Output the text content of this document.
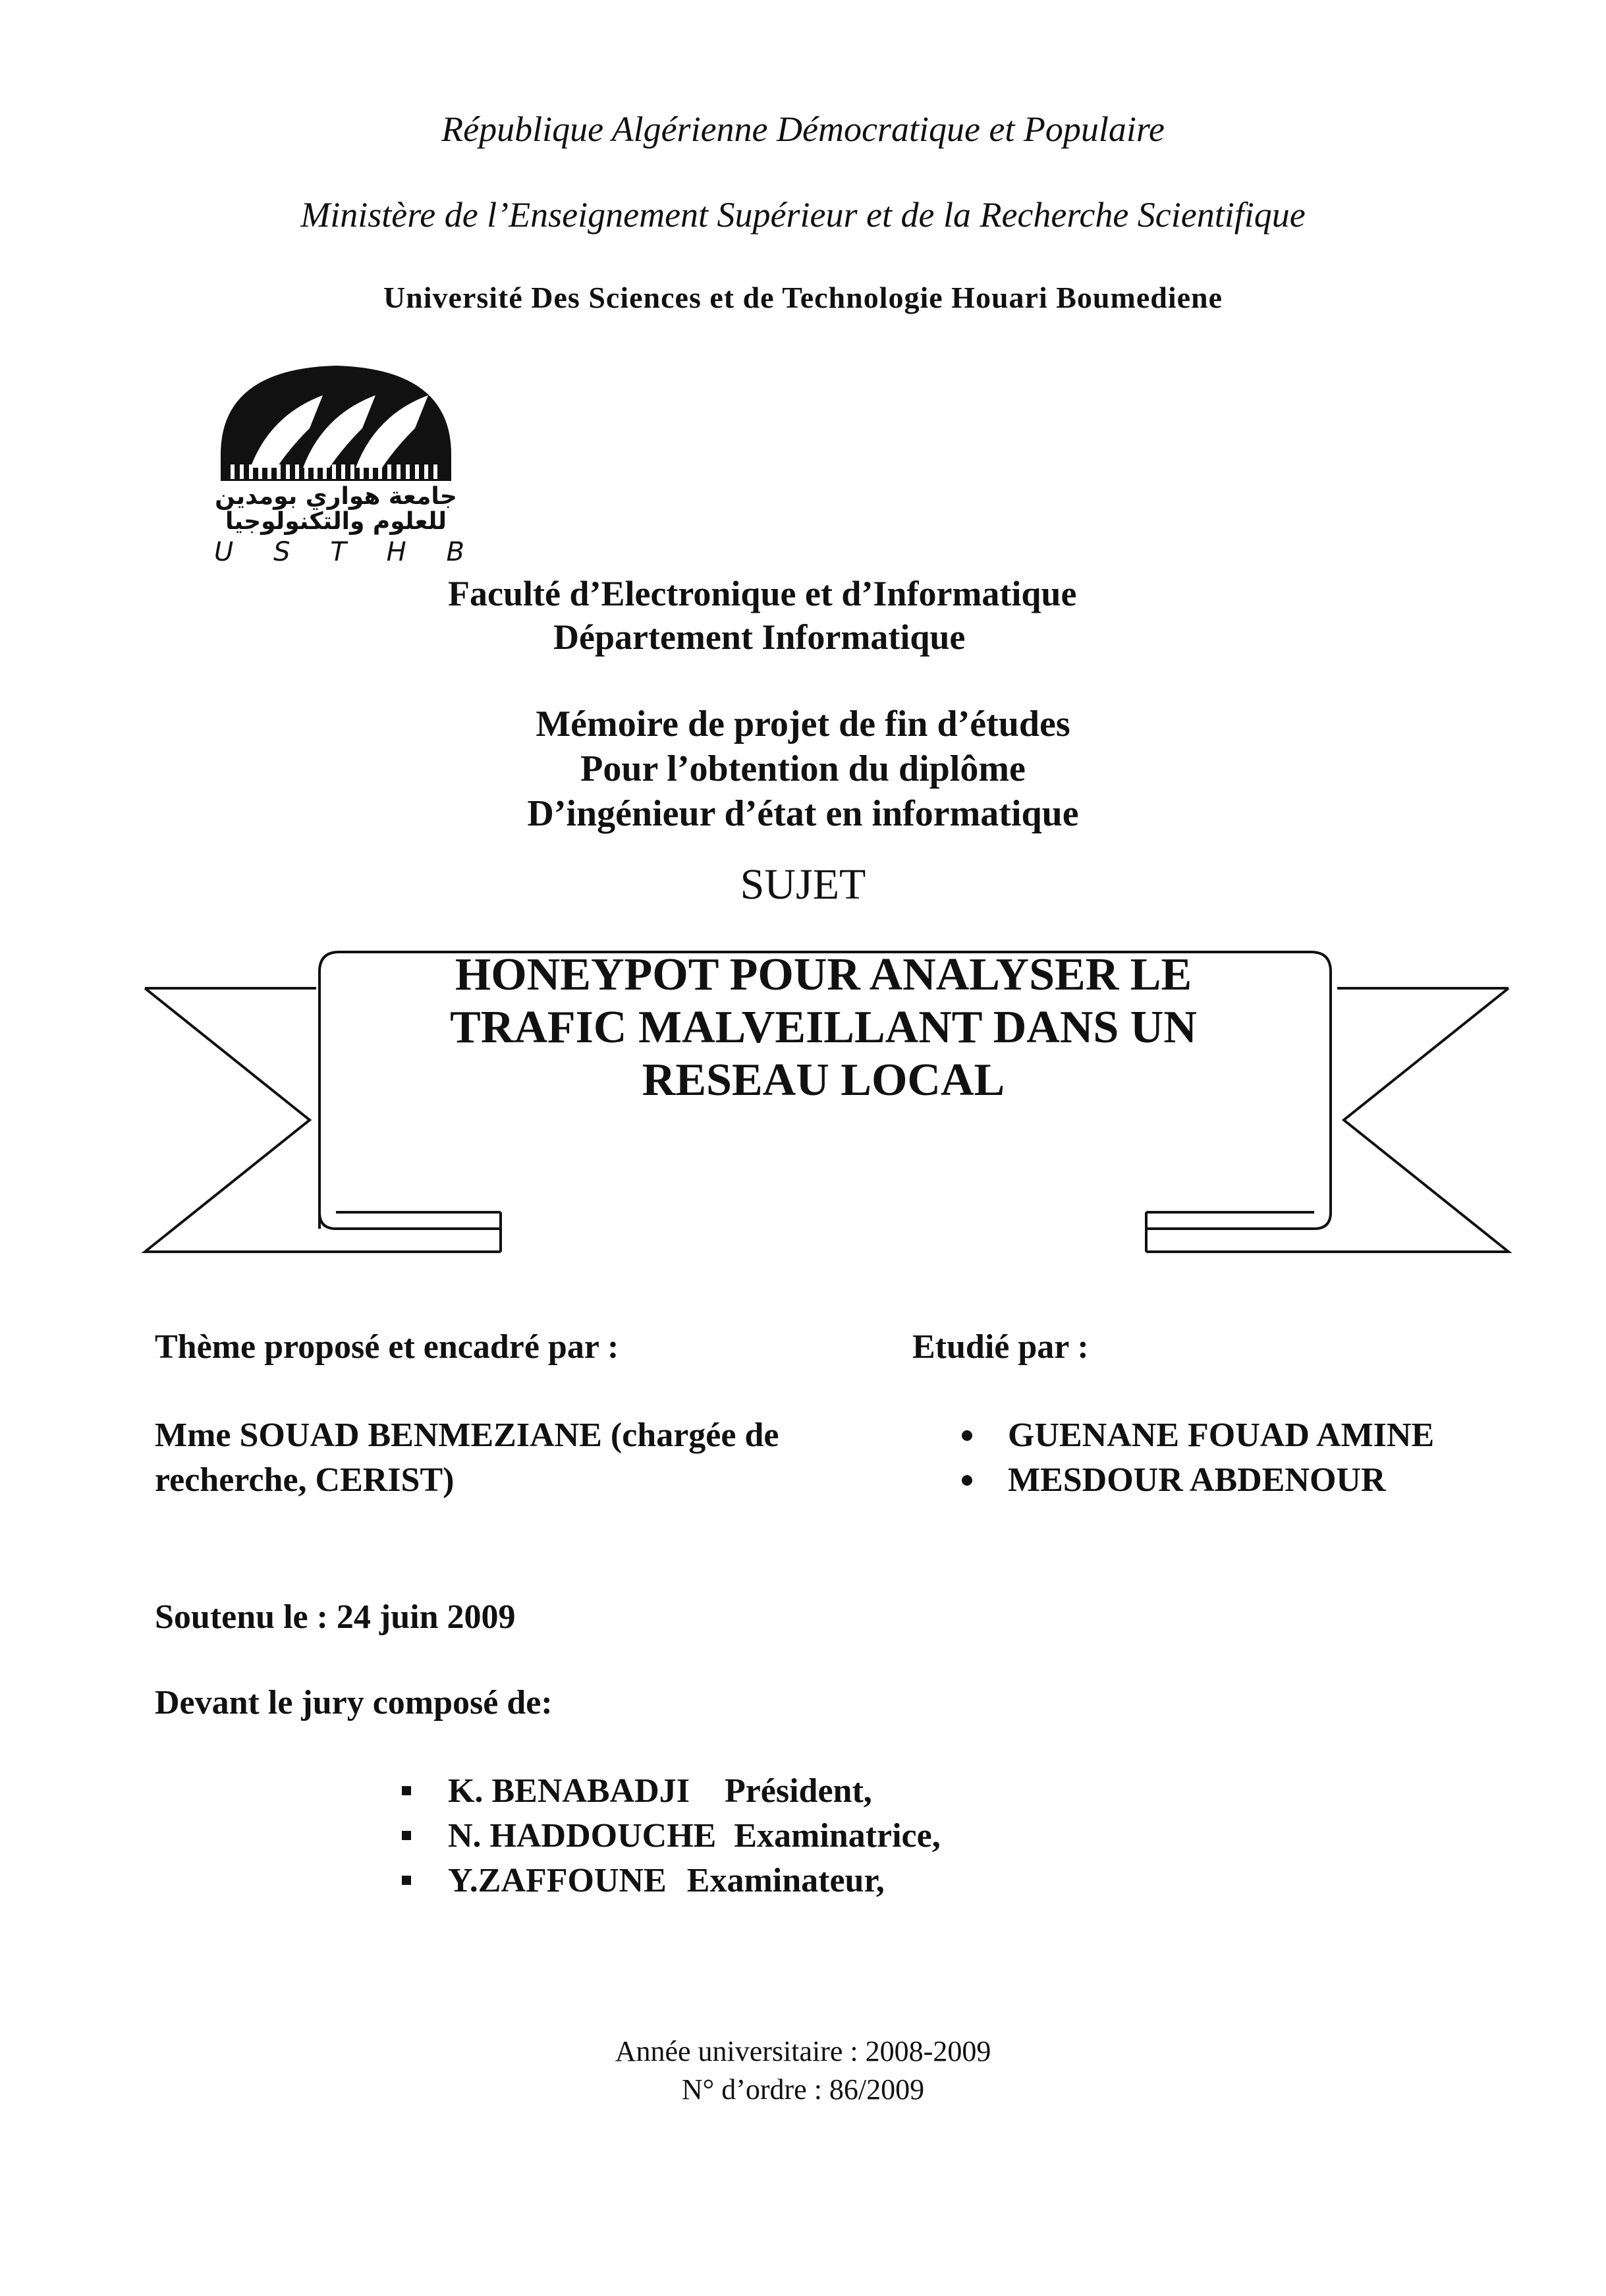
République Algérienne Démocratique et Populaire
Ministère de l’Enseignement Supérieur et de la Recherche Scientifique
Université Des Sciences et de Technologie Houari Boumediene
جامعة هواري بومدين
للعلوم والتكنولوجيا
U S T H B
Faculté d’Electronique et d’Informatique
Département Informatique
Mémoire de projet de fin d’études
Pour l’obtention du diplôme
D’ingénieur d’état en informatique
SUJET
HONEYPOT POUR ANALYSER LE
TRAFIC MALVEILLANT DANS UN
RESEAU LOCAL
Thème proposé et encadré par :	Etudié par :
Mme SOUAD BENMEZIANE (chargée de
recherche, CERIST)
GUENANE FOUAD AMINE
MESDOUR ABDENOUR
Soutenu le : 24 juin 2009
Devant le jury composé de:
K. BENABADJI Président,
N. HADDOUCHE Examinatrice,
Y.ZAFFOUNE Examinateur,
Année universitaire : 2008-2009
N° d’ordre : 86/2009
